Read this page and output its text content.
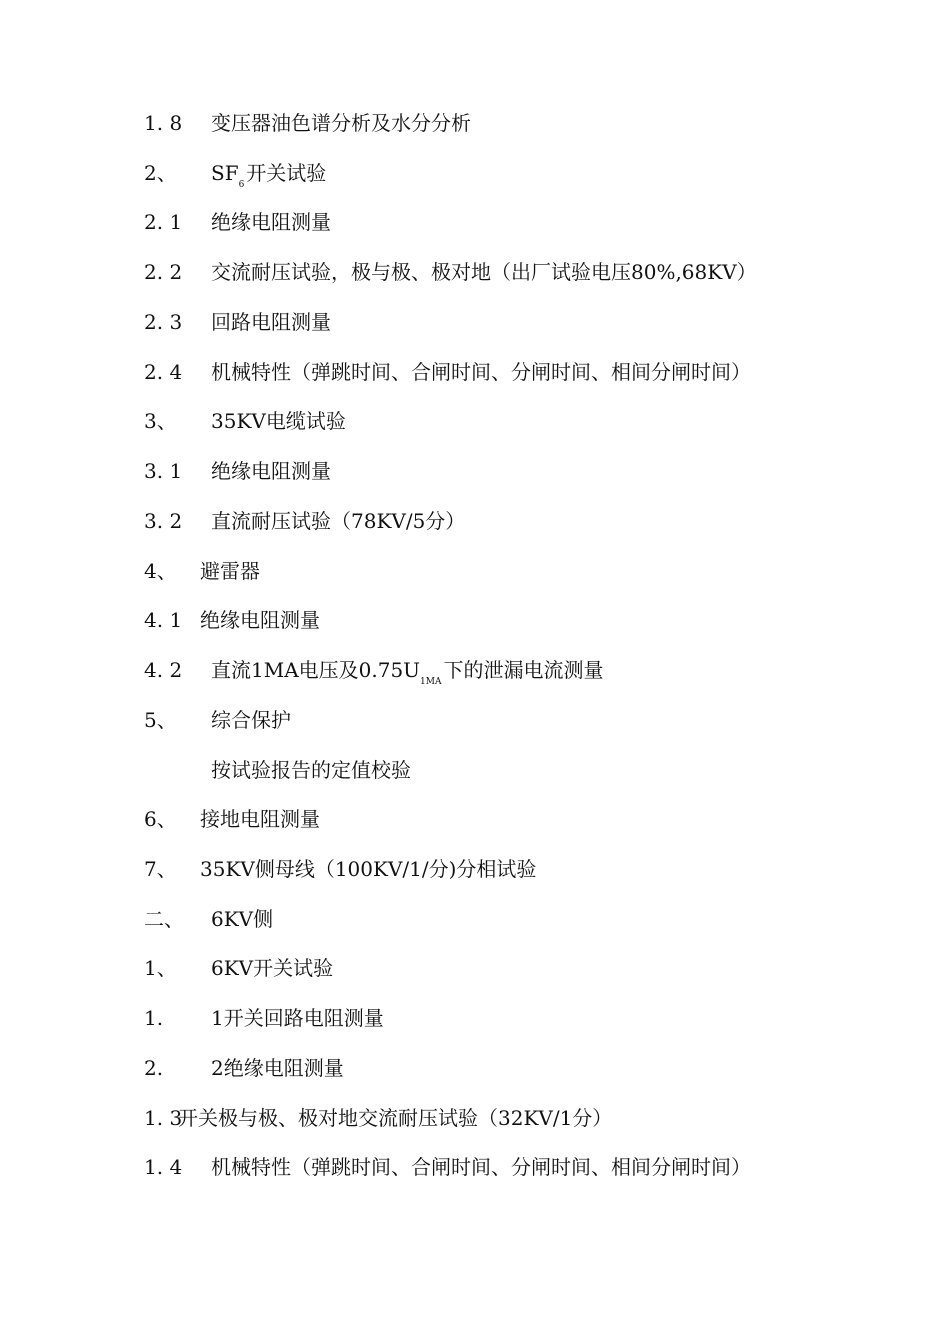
1. 8 变压器油色谱分析及水分分析
2、 $SF_6$ 开关试验
2. 1 绝缘电阻测量
2. 2 交流耐压试验，极与极、极对地（出厂试验电压80%,68KV）
2. 3 回路电阻测量
2. 4 机械特性（弹跳时间、合闸时间、分闸时间、相间分闸时间）
3、 35KV电缆试验
3. 1 绝缘电阻测量
3. 2 直流耐压试验（78KV/5分）
4、 避雷器
4. 1 绝缘电阻测量
4. 2 直流1MA电压及$0.75U_{1MA}$ 下的泄漏电流测量
5、 综合保护
按试验报告的定值校验
6、 接地电阻测量
7、 35KV侧母线（100KV/1/分)分相试验
二、 6KV侧
1、 6KV开关试验
1. 1开关回路电阻测量
2. 2绝缘电阻测量
1. 3
开关极与极、极对地交流耐压试验（32KV/1分）
1. 4 机械特性（弹跳时间、合闸时间、分闸时间、相间分闸时间）
